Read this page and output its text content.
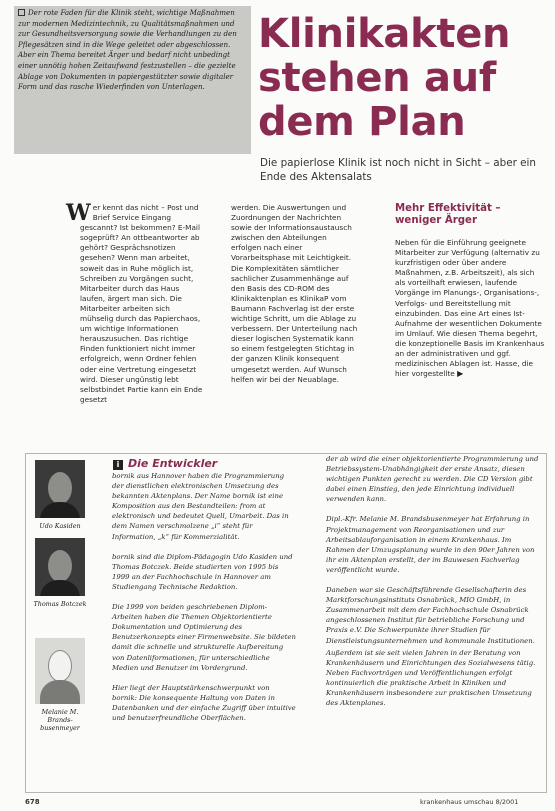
Der rote Faden für die Klinik steht, wichtige Maßnahmen zur modernen Medizintechnik, zu Qualitätsmaßnahmen und zur Gesundheitsversorgung sowie die Verhandlungen zu den Pflegesätzen sind in die Wege geleitet oder abgeschlossen. Aber ein Thema bereitet Ärger und bedarf nicht unbedingt einer unnötig hohen Zeitaufwand festzustellen – die gezielte Ablage von Dokumenten in papiergestützter sowie digitaler Form und das rasche Wiederfinden von Unterlagen.

Klinikakten
stehen auf
dem Plan
Die papierlose Klinik ist noch nicht in Sicht – aber ein Ende des Aktensalats
Wer kennt das nicht – Post und Brief Service Eingang gescannt? Ist bekommen? E-Mail sogeprüft? An ottbeantworter ab gehört? Gesprächsnotizen gesehen? Wenn man arbeitet, soweit das in Ruhe möglich ist, Schreiben zu Vorgängen sucht, Mitarbeiter durch das Haus laufen, ärgert man sich. Die Mitarbeiter arbeiten sich mühselig durch das Papierchaos, um wichtige Informationen herauszusuchen. Das richtige Finden funktioniert nicht immer erfolgreich, wenn Ordner fehlen oder eine Vertretung eingesetzt wird. Dieser ungünstig lebt selbstbindet Partie kann ein Ende gesetzt
werden. Die Auswertungen und Zuordnungen der Nachrichten sowie der Informationsaustausch zwischen den Abteilungen erfolgen nach einer Vorarbeitsphase mit Leichtigkeit. Die Komplexitäten sämtlicher sachlicher Zusammenhänge auf den Basis des CD-ROM des Klinikaktenplan es KlinikaP vom Baumann Fachverlag ist der erste wichtige Schritt, um die Ablage zu verbessern. Der Unterteilung nach dieser logischen Systematik kann so einem festgelegten Stichtag in der ganzen Klinik konsequent umgesetzt werden. Auf Wunsch helfen wir bei der Neuablage.
Mehr Effektivität –
weniger Ärger
Neben für die Einführung geeignete Mitarbeiter zur Verfügung (alternativ zu kurzfristigen oder über andere Maßnahmen, z.B. Arbeitszeit), als sich als vorteilhaft erwiesen, laufende Vorgänge im Planungs-, Organisations-, Verfolgs- und Bereitstellung mit einzubinden. Das eine Art eines Ist-Aufnahme der wesentlichen Dokumente im Umlauf. Wie diesen Thema begehrt, die konzeptionelle Basis im Krankenhaus an der administrativen und ggf. medizinischen Ablagen ist. Hasse, die hier vorgestellte ▶
Udo Kasiden
Thomas Botczek
Melanie M. Brands-busenmeyer
i Die Entwickler

bornik aus Hannover haben die Programmierung der dienstlichen elektronischen Umsetzung des bekannten Aktenplans. Der Name bornik ist eine Komposition aus den Bestandteilen: from at elektronisch und bedeutet Quell, Umarbeit. Das in dem Namen verschmolzene „i“ steht für Information, „k“ für Kommerzialität.

bornik sind die Diplom-Pädagogin Udo Kasiden und Thomas Botczek. Beide studierten von 1995 bis 1999 an der Fachhochschule in Hannover am Studiengang Technische Redaktion.

Die 1999 von beiden geschriebenen Diplom-Arbeiten haben die Themen Objektorientierte Dokumentation und Optimierung des Benutzerkonzepts einer Firmenwebsite. Sie bildeten damit die schnelle und strukturelle Aufbereitung von Datenliformationen, für unterschiedliche Medien und Benutzer im Vordergrund.

Hier liegt der Hauptstärkenschwerpunkt von bornik: Die konsequente Haltung von Daten in Datenbanken und der einfache Zugriff über intuitive und benutzerfreundliche Oberflächen.

der ab wird die einer objektorientierte Programmierung und Betriebssystem-Unabhängigkeit der erste Ansatz, diesen wichtigen Punkten gerecht zu werden. Die CD Version gibt dabei einen Einstieg, den jede Einrichtung individuell verwenden kann.

Dipl.-Kfr. Melanie M. Brandsbusenmeyer hat Erfahrung in Projektmanagement von Reorganisationen und zur Arbeitsablauforganisation in einem Krankenhaus. Im Rahmen der Umzugsplanung wurde in den 90er Jahren von ihr ein Aktenplan erstellt, der im Bauwesen Fachverlag veröffentlicht wurde.

Daneben war sie Geschäftsführende Gesellschafterin des Marktforschungsinstituts Osnabrück, MIO GmbH, in Zusammenarbeit mit dem der Fachhochschule Osnabrück angeschlossenen Institut für betriebliche Forschung und Praxis e.V. Die Schwerpunkte ihrer Studien für Dienstleistungsunternehmen und kommunale Institutionen.

Außerdem ist sie seit vielen Jahren in der Beratung von Krankenhäusern und Einrichtungen des Sozialwesens tätig. Neben Fachvorträgen und Veröffentlichungen erfolgt kontinuierlich die praktische Arbeit in Kliniken und Krankenhäusern insbesondere zur praktischen Umsetzung des Aktenplanes.

678	krankenhaus umschau 8/2001
